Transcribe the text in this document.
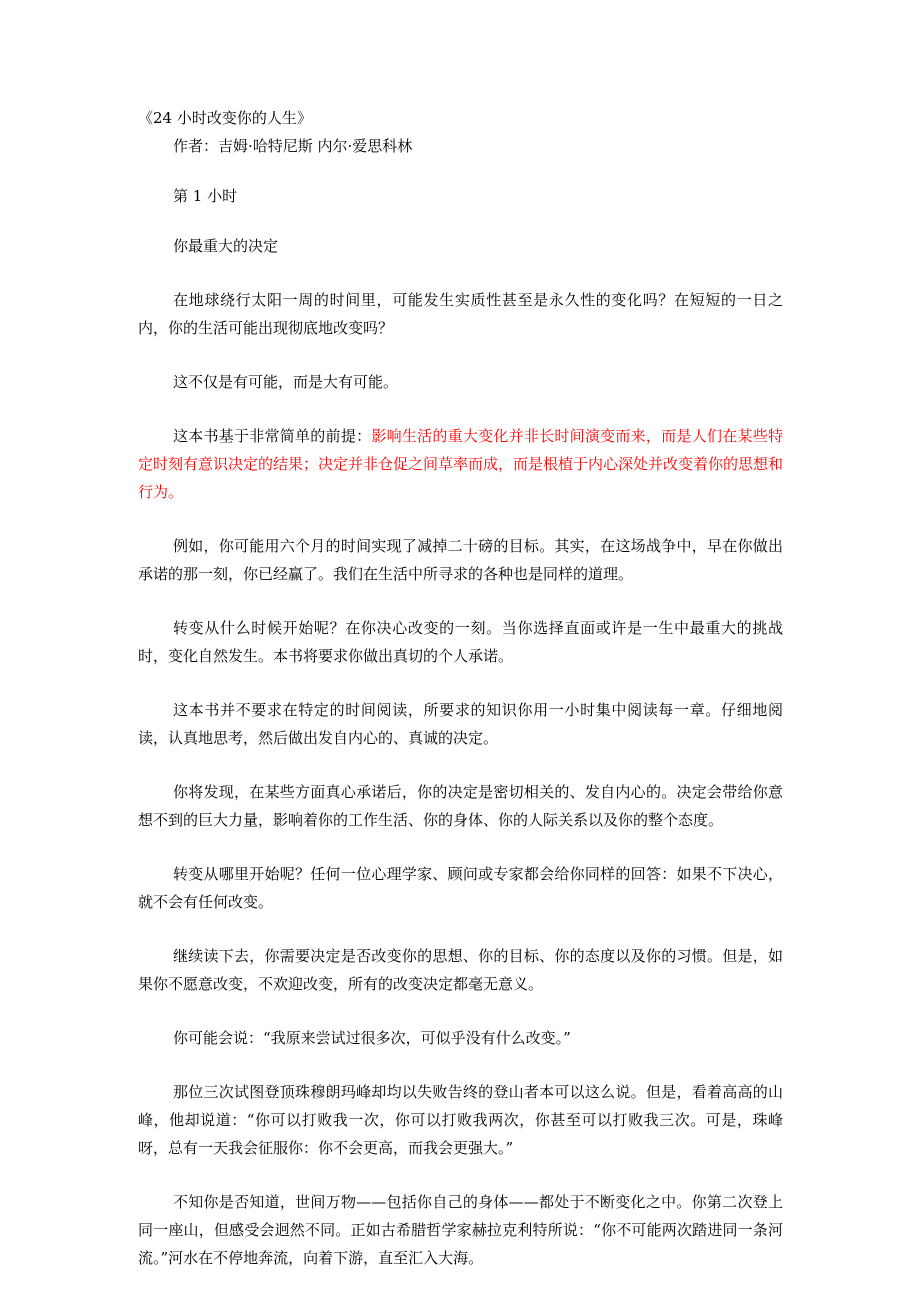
《24 小时改变你的人生》

作者：吉姆·哈特尼斯 内尔·爱思科林

第 1 小时

你最重大的决定

在地球绕行太阳一周的时间里，可能发生实质性甚至是永久性的变化吗？在短短的一日之内，你的生活可能出现彻底地改变吗？

这不仅是有可能，而是大有可能。

这本书基于非常简单的前提：影响生活的重大变化并非长时间演变而来，而是人们在某些特定时刻有意识决定的结果；决定并非仓促之间草率而成，而是根植于内心深处并改变着你的思想和行为。

例如，你可能用六个月的时间实现了减掉二十磅的目标。其实，在这场战争中，早在你做出承诺的那一刻，你已经赢了。我们在生活中所寻求的各种也是同样的道理。

转变从什么时候开始呢？在你决心改变的一刻。当你选择直面或许是一生中最重大的挑战时，变化自然发生。本书将要求你做出真切的个人承诺。

这本书并不要求在特定的时间阅读，所要求的知识你用一小时集中阅读每一章。仔细地阅读，认真地思考，然后做出发自内心的、真诚的决定。

你将发现，在某些方面真心承诺后，你的决定是密切相关的、发自内心的。决定会带给你意想不到的巨大力量，影响着你的工作生活、你的身体、你的人际关系以及你的整个态度。

转变从哪里开始呢？任何一位心理学家、顾问或专家都会给你同样的回答：如果不下决心，就不会有任何改变。

继续读下去，你需要决定是否改变你的思想、你的目标、你的态度以及你的习惯。但是，如果你不愿意改变，不欢迎改变，所有的改变决定都毫无意义。

你可能会说：“我原来尝试过很多次，可似乎没有什么改变。”

那位三次试图登顶珠穆朗玛峰却均以失败告终的登山者本可以这么说。但是，看着高高的山峰，他却说道：“你可以打败我一次，你可以打败我两次，你甚至可以打败我三次。可是，珠峰呀，总有一天我会征服你：你不会更高，而我会更强大。”

不知你是否知道，世间万物——包括你自己的身体——都处于不断变化之中。你第二次登上同一座山，但感受会迥然不同。正如古希腊哲学家赫拉克利特所说：“你不可能两次踏进同一条河流。”河水在不停地奔流，向着下游，直至汇入大海。
